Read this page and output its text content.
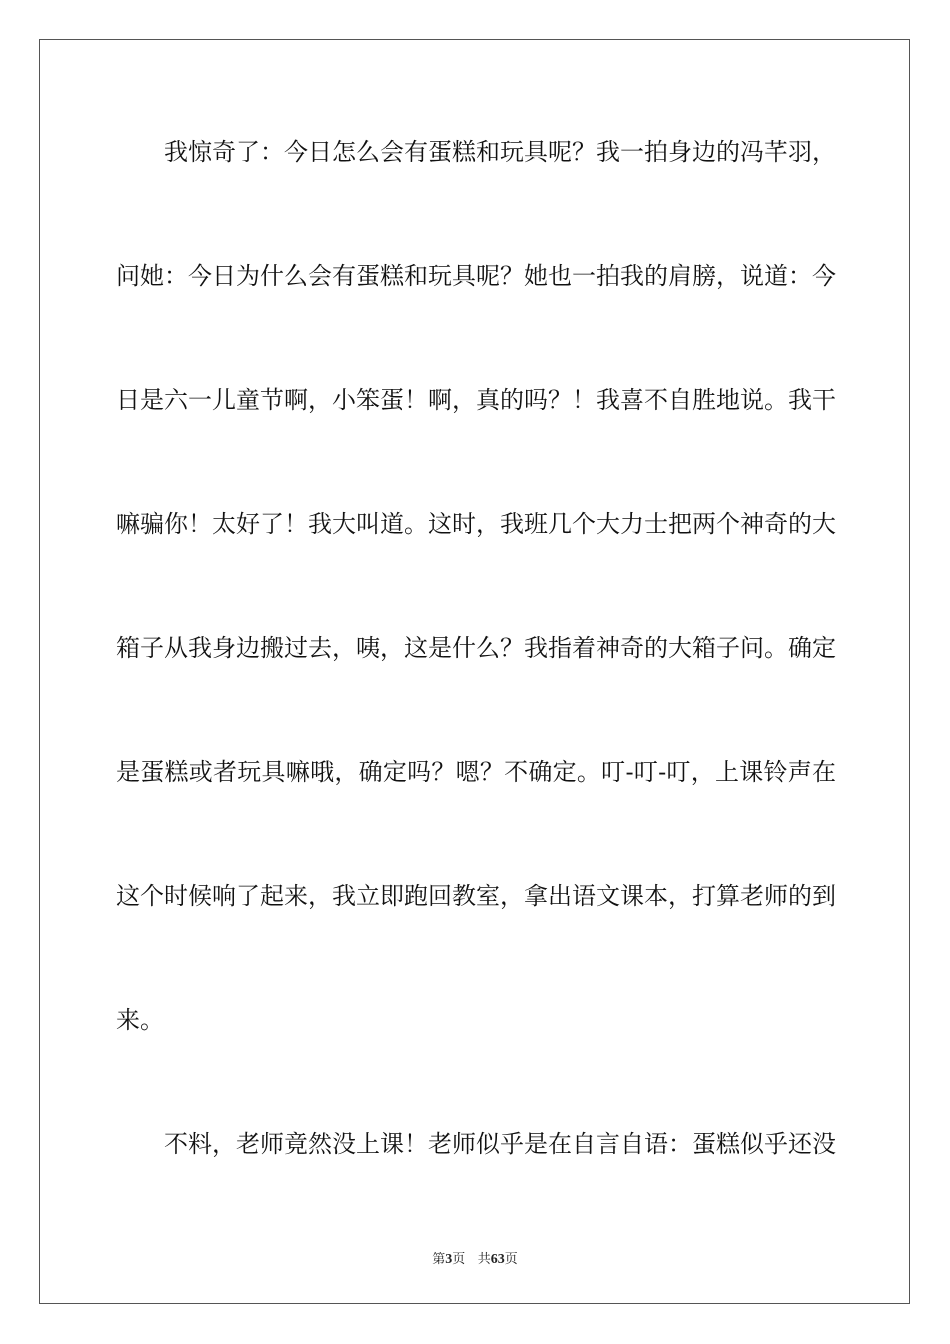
我惊奇了：今日怎么会有蛋糕和玩具呢？我一拍身边的冯芊羽，
问她：今日为什么会有蛋糕和玩具呢？她也一拍我的肩膀，说道：今
日是六一儿童节啊，小笨蛋！啊，真的吗？！我喜不自胜地说。我干
嘛骗你！太好了！我大叫道。这时，我班几个大力士把两个神奇的大
箱子从我身边搬过去，咦，这是什么？我指着神奇的大箱子问。确定
是蛋糕或者玩具嘛哦，确定吗？嗯？不确定。叮-叮-叮，上课铃声在
这个时候响了起来，我立即跑回教室，拿出语文课本，打算老师的到
来。
不料，老师竟然没上课！老师似乎是在自言自语：蛋糕似乎还没
第3页 共63页
